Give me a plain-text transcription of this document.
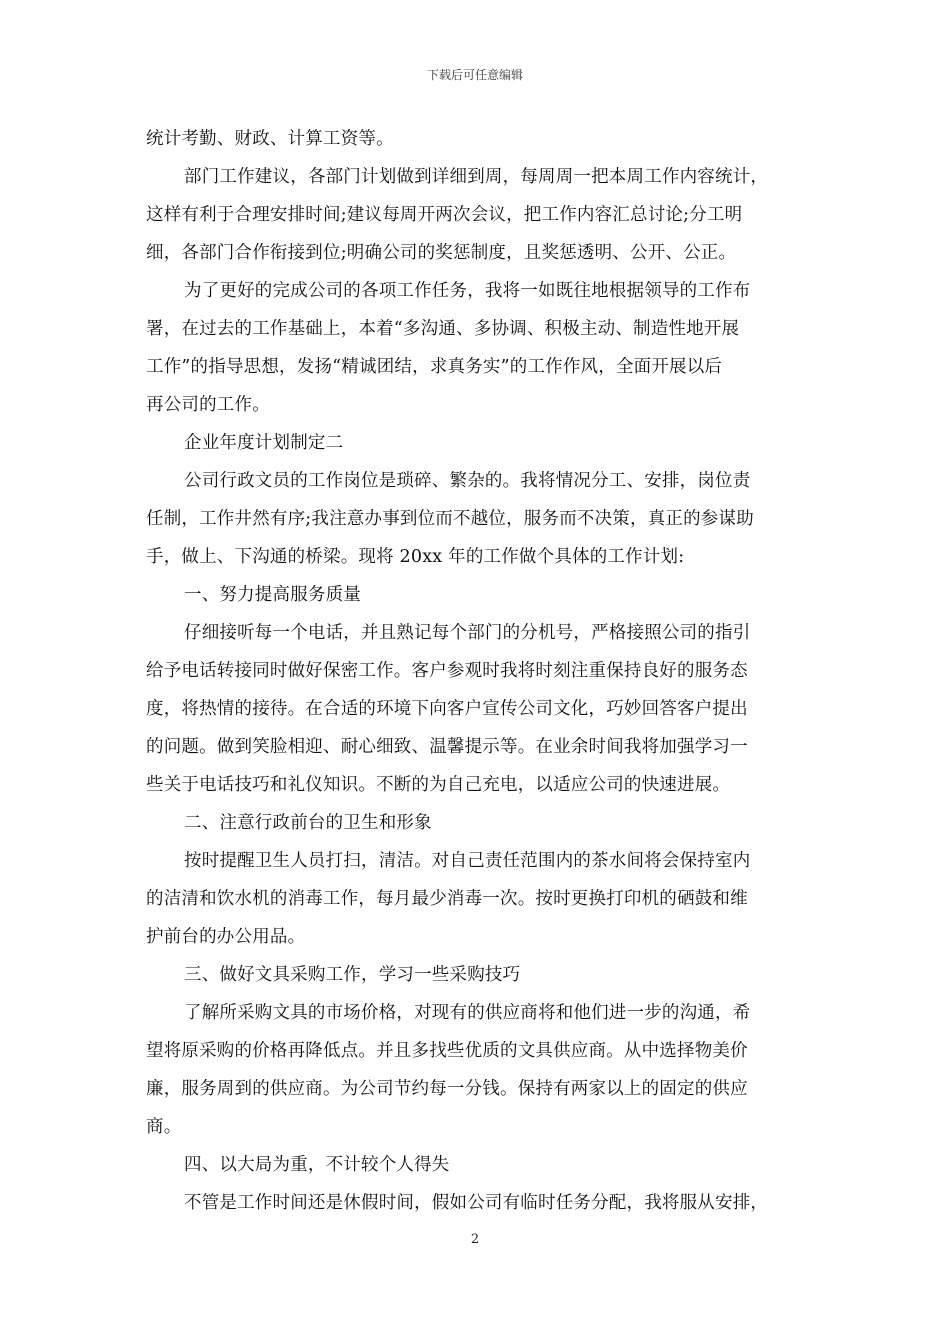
下载后可任意编辑
统计考勤、财政、计算工资等。
部门工作建议，各部门计划做到详细到周，每周周一把本周工作内容统计，
这样有利于合理安排时间;建议每周开两次会议，把工作内容汇总讨论;分工明
细，各部门合作衔接到位;明确公司的奖惩制度，且奖惩透明、公开、公正。
为了更好的完成公司的各项工作任务，我将一如既往地根据领导的工作布
署，在过去的工作基础上，本着“多沟通、多协调、积极主动、制造性地开展
工作”的指导思想，发扬“精诚团结，求真务实”的工作作风，全面开展以后
再公司的工作。
企业年度计划制定二
公司行政文员的工作岗位是琐碎、繁杂的。我将情况分工、安排，岗位责
任制，工作井然有序;我注意办事到位而不越位，服务而不决策，真正的参谋助
手，做上、下沟通的桥梁。现将 20xx 年的工作做个具体的工作计划:
一、努力提高服务质量
仔细接听每一个电话，并且熟记每个部门的分机号，严格接照公司的指引
给予电话转接同时做好保密工作。客户参观时我将时刻注重保持良好的服务态
度，将热情的接待。在合适的环境下向客户宣传公司文化，巧妙回答客户提出
的问题。做到笑脸相迎、耐心细致、温馨提示等。在业余时间我将加强学习一
些关于电话技巧和礼仪知识。不断的为自己充电，以适应公司的快速进展。
二、注意行政前台的卫生和形象
按时提醒卫生人员打扫，清洁。对自己责任范围内的茶水间将会保持室内
的洁清和饮水机的消毒工作，每月最少消毒一次。按时更换打印机的硒鼓和维
护前台的办公用品。
三、做好文具采购工作，学习一些采购技巧
了解所采购文具的市场价格，对现有的供应商将和他们进一步的沟通，希
望将原采购的价格再降低点。并且多找些优质的文具供应商。从中选择物美价
廉，服务周到的供应商。为公司节约每一分钱。保持有两家以上的固定的供应
商。
四、以大局为重，不计较个人得失
不管是工作时间还是休假时间，假如公司有临时任务分配，我将服从安排，
2
